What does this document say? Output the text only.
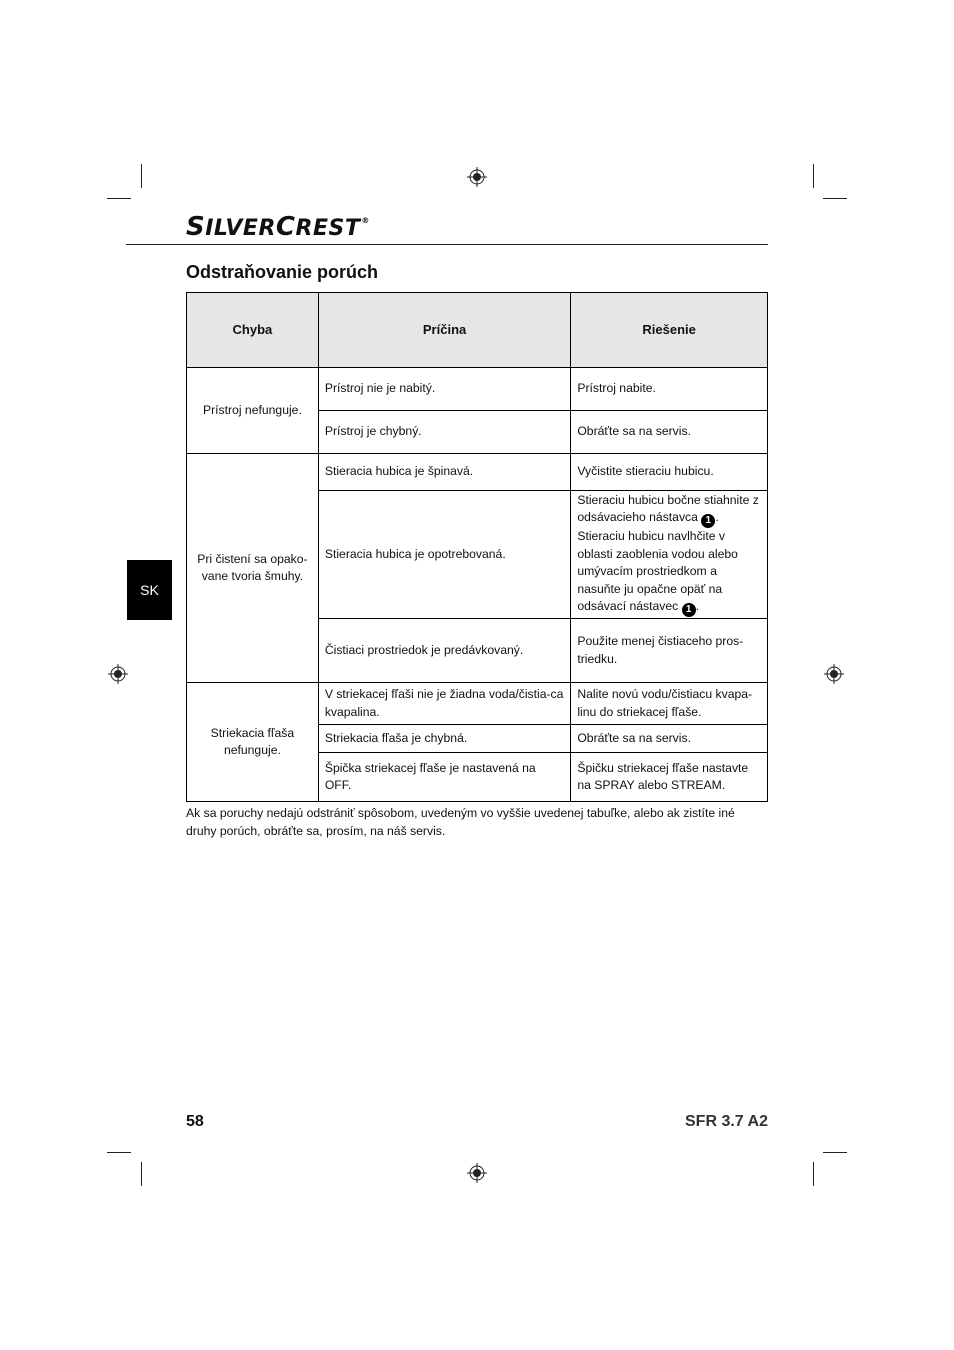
SILVERCREST®
Odstraňovanie porúch
SK
Chyba	Príčina	Riešenie
Prístroj nefunguje.	Prístroj nie je nabitý.	Prístroj nabite.
	Prístroj je chybný.	Obráťte sa na servis.
Pri čistení sa opako-vane tvoria šmuhy.	Stieracia hubica je špinavá.	Vyčistite stieraciu hubicu.
	Stieracia hubica je opotrebovaná.	Stieraciu hubicu bočne stiahnite z odsávacieho nástavca 1 . Stieraciu hubicu navlhčite v oblasti zaoblenia vodou alebo umývacím prostriedkom a nasuňte ju opačne opäť na odsávací nástavec 1 .
	Čistiaci prostriedok je predávkovaný.	Použite menej čistiaceho pros-triedku.
Striekacia fľaša nefunguje.	V striekacej fľaši nie je žiadna voda/čistia-ca kvapalina.	Nalite novú vodu/čistiacu kvapa-linu do striekacej fľaše.
	Striekacia fľaša je chybná.	Obráťte sa na servis.
	Špička striekacej fľaše je nastavená na OFF.	Špičku striekacej fľaše nastavte na SPRAY alebo STREAM.

Ak sa poruchy nedajú odstrániť spôsobom, uvedeným vo vyššie uvedenej tabuľke, alebo ak zistíte iné druhy porúch, obráťte sa, prosím, na náš servis.

58	SFR 3.7 A2
